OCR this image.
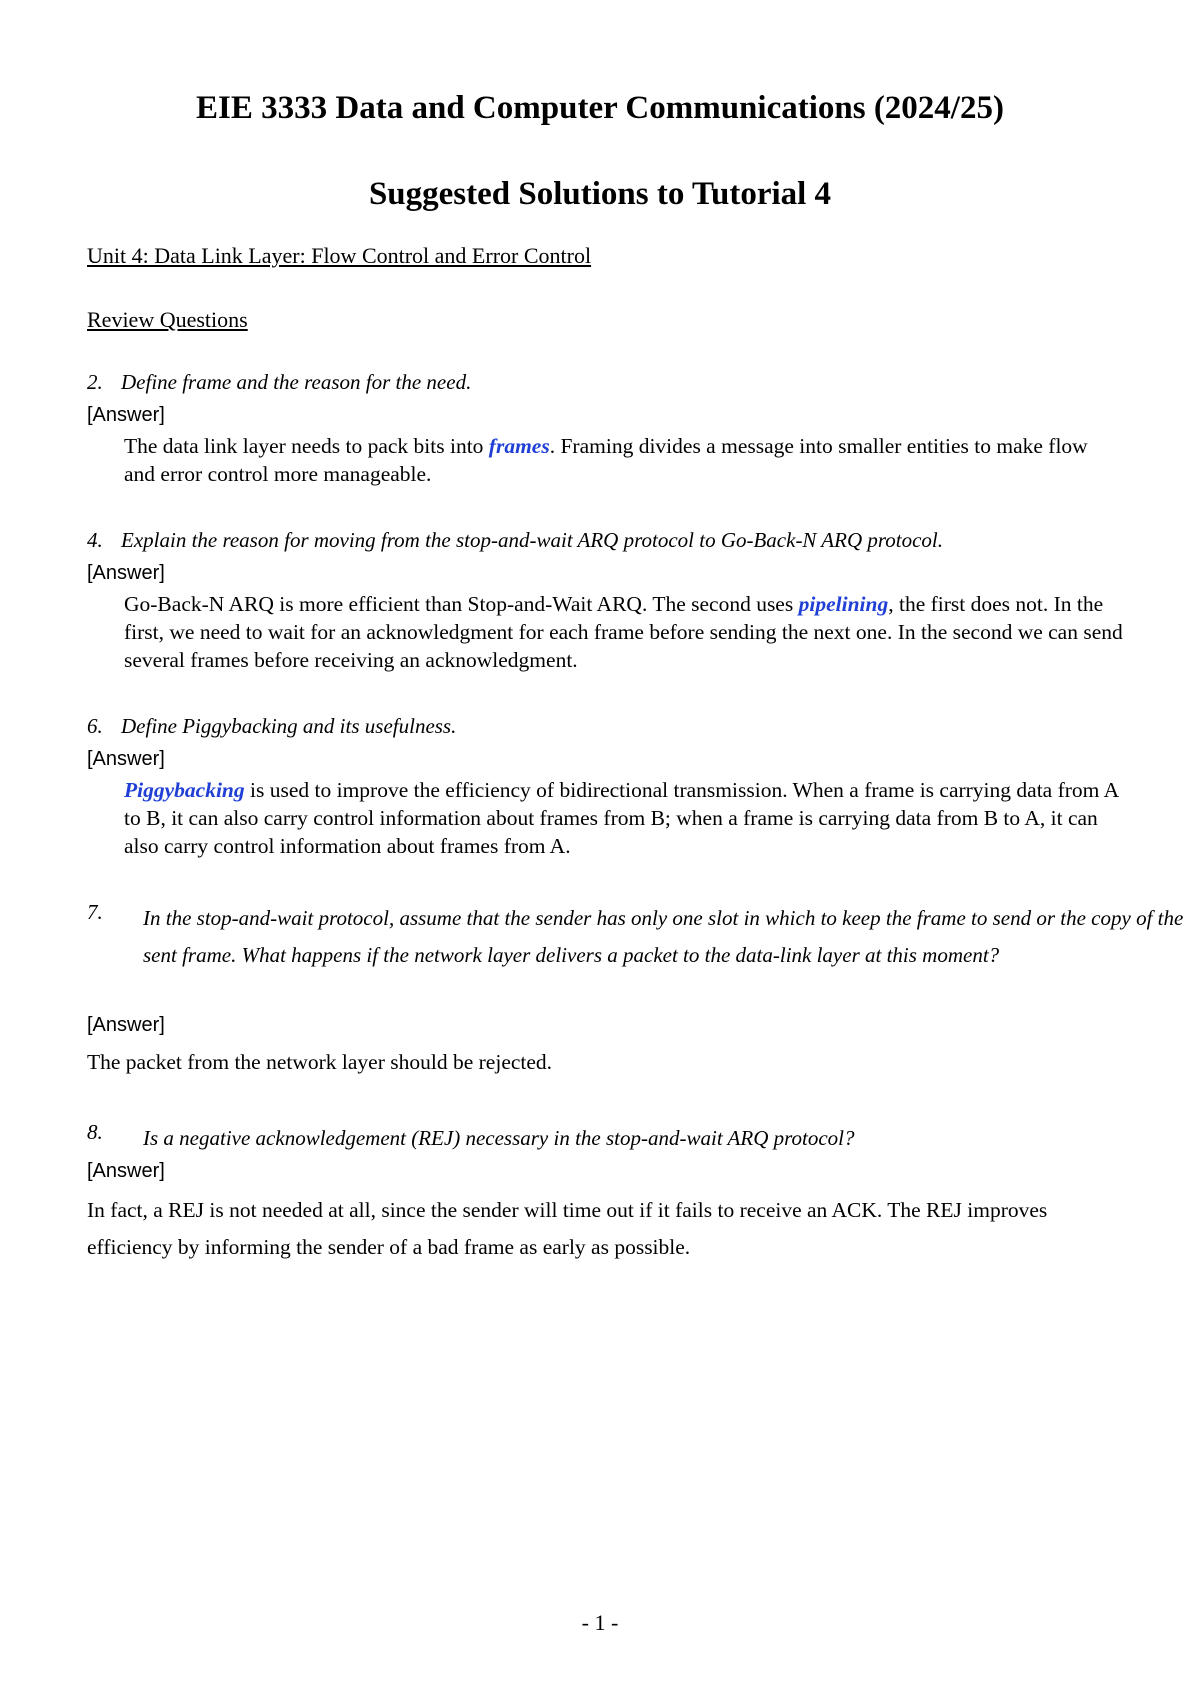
EIE 3333 Data and Computer Communications (2024/25)
Suggested Solutions to Tutorial 4
Unit 4: Data Link Layer: Flow Control and Error Control
Review Questions
2. Define frame and the reason for the need.
[Answer]
The data link layer needs to pack bits into frames. Framing divides a message into smaller entities to make flow and error control more manageable.
4. Explain the reason for moving from the stop-and-wait ARQ protocol to Go-Back-N ARQ protocol.
[Answer]
Go-Back-N ARQ is more efficient than Stop-and-Wait ARQ. The second uses pipelining, the first does not. In the first, we need to wait for an acknowledgment for each frame before sending the next one. In the second we can send several frames before receiving an acknowledgment.
6. Define Piggybacking and its usefulness.
[Answer]
Piggybacking is used to improve the efficiency of bidirectional transmission. When a frame is carrying data from A to B, it can also carry control information about frames from B; when a frame is carrying data from B to A, it can also carry control information about frames from A.
7. In the stop-and-wait protocol, assume that the sender has only one slot in which to keep the frame to send or the copy of the sent frame. What happens if the network layer delivers a packet to the data-link layer at this moment?
[Answer]
The packet from the network layer should be rejected.
8. Is a negative acknowledgement (REJ) necessary in the stop-and-wait ARQ protocol?
[Answer]
In fact, a REJ is not needed at all, since the sender will time out if it fails to receive an ACK. The REJ improves efficiency by informing the sender of a bad frame as early as possible.
- 1 -
